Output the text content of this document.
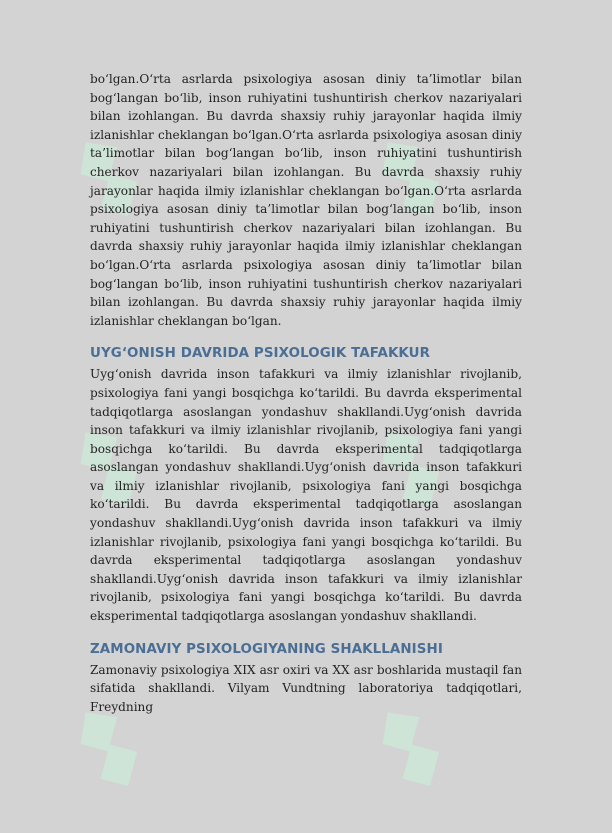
bo‘lgan.O‘rta asrlarda psixologiya asosan diniy ta’limotlar bilan bog‘langan bo‘lib, inson ruhiyatini tushuntirish cherkov nazariyalari bilan izohlangan. Bu davrda shaxsiy ruhiy jarayonlar haqida ilmiy izlanishlar cheklangan bo‘lgan.O‘rta asrlarda psixologiya asosan diniy ta’limotlar bilan bog‘langan bo‘lib, inson ruhiyatini tushuntirish cherkov nazariyalari bilan izohlangan. Bu davrda shaxsiy ruhiy jarayonlar haqida ilmiy izlanishlar cheklangan bo‘lgan.O‘rta asrlarda psixologiya asosan diniy ta’limotlar bilan bog‘langan bo‘lib, inson ruhiyatini tushuntirish cherkov nazariyalari bilan izohlangan. Bu davrda shaxsiy ruhiy jarayonlar haqida ilmiy izlanishlar cheklangan bo‘lgan.O‘rta asrlarda psixologiya asosan diniy ta’limotlar bilan bog‘langan bo‘lib, inson ruhiyatini tushuntirish cherkov nazariyalari bilan izohlangan. Bu davrda shaxsiy ruhiy jarayonlar haqida ilmiy izlanishlar cheklangan bo‘lgan.

UYG‘ONISH DAVRIDA PSIXOLOGIK TAFAKKUR

Uyg‘onish davrida inson tafakkuri va ilmiy izlanishlar rivojlanib, psixologiya fani yangi bosqichga ko‘tarildi. Bu davrda eksperimental tadqiqotlarga asoslangan yondashuv shakllandi.Uyg‘onish davrida inson tafakkuri va ilmiy izlanishlar rivojlanib, psixologiya fani yangi bosqichga ko‘tarildi. Bu davrda eksperimental tadqiqotlarga asoslangan yondashuv shakllandi.Uyg‘onish davrida inson tafakkuri va ilmiy izlanishlar rivojlanib, psixologiya fani yangi bosqichga ko‘tarildi. Bu davrda eksperimental tadqiqotlarga asoslangan yondashuv shakllandi.Uyg‘onish davrida inson tafakkuri va ilmiy izlanishlar rivojlanib, psixologiya fani yangi bosqichga ko‘tarildi. Bu davrda eksperimental tadqiqotlarga asoslangan yondashuv shakllandi.Uyg‘onish davrida inson tafakkuri va ilmiy izlanishlar rivojlanib, psixologiya fani yangi bosqichga ko‘tarildi. Bu davrda eksperimental tadqiqotlarga asoslangan yondashuv shakllandi.

ZAMONAVIY PSIXOLOGIYANING SHAKLLANISHI

Zamonaviy psixologiya XIX asr oxiri va XX asr boshlarida mustaqil fan sifatida shakllandi. Vilyam Vundtning laboratoriya tadqiqotlari, Freydning
